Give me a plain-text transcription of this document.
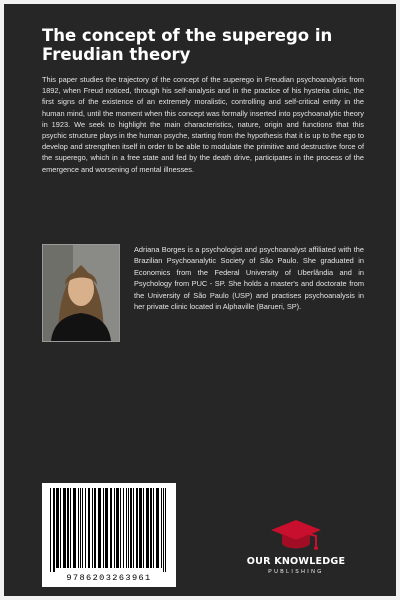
The concept of the superego in Freudian theory

This paper studies the trajectory of the concept of the superego in Freudian psychoanalysis from 1892, when Freud noticed, through his self-analysis and in the practice of his hysteria clinic, the first signs of the existence of an extremely moralistic, controlling and self-critical entity in the human mind, until the moment when this concept was formally inserted into psychoanalytic theory in 1923. We seek to highlight the main characteristics, nature, origin and functions that this psychic structure plays in the human psyche, starting from the hypothesis that it is up to the ego to develop and strengthen itself in order to be able to modulate the primitive and destructive force of the superego, which in a free state and fed by the death drive, participates in the process of the emergence and worsening of mental illnesses.

Adriana Borges is a psychologist and psychoanalyst affiliated with the Brazilian Psychoanalytic Society of São Paulo. She graduated in Economics from the Federal University of Uberlândia and in Psychology from PUC - SP. She holds a master's and doctorate from the University of São Paulo (USP) and practises psychoanalysis in her private clinic located in Alphaville (Barueri, SP).

9786203263961
OUR KNOWLEDGE
PUBLISHING
